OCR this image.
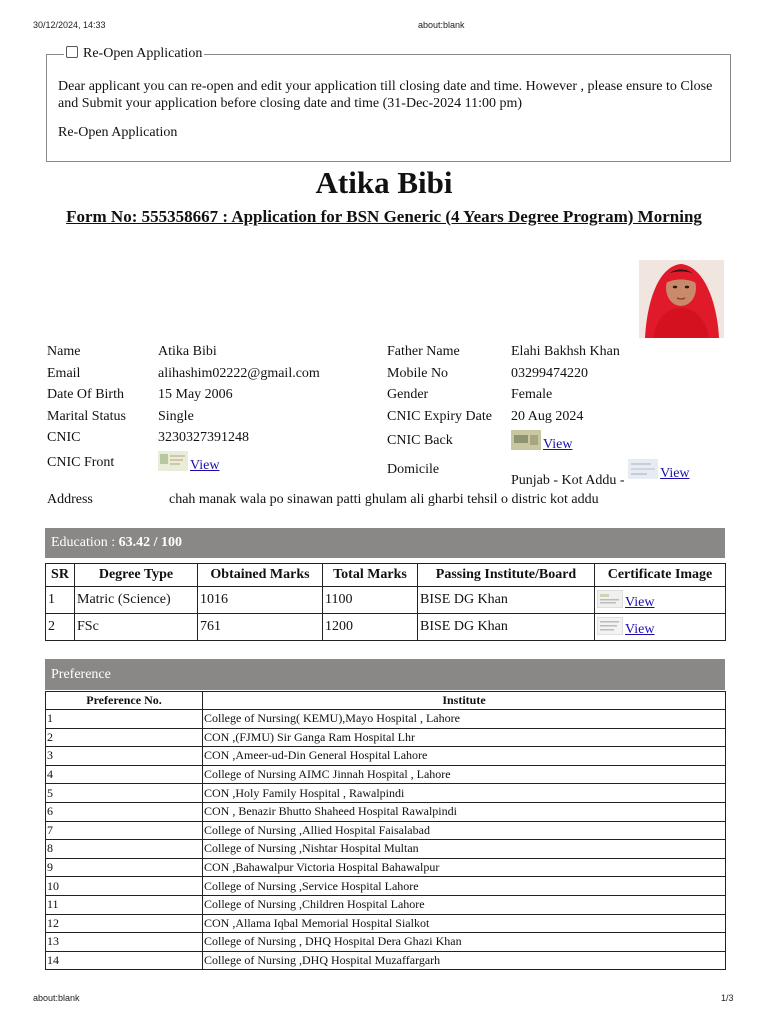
30/12/2024, 14:33	about:blank
about:blank	1/3
Re-Open Application
Dear applicant you can re-open and edit your application till closing date and time. However , please ensure to Close and Submit your application before closing date and time (31-Dec-2024 11:00 pm)
Re-Open Application
Atika Bibi
Form No: 555358667 : Application for BSN Generic (4 Years Degree Program) Morning
Name	Atika Bibi
Email	alihashim02222@gmail.com
Date Of Birth 15 May 2006
Marital Status Single
CNIC	3230327391248
CNIC Front	View
Father Name	Elahi Bakhsh Khan
Mobile No	03299474220
Gender	Female
CNIC Expiry Date 20 Aug 2024
CNIC Back	View
Domicile
Punjab - Kot Addu -	View
Address	chah manak wala po sinawan patti ghulam ali gharbi tehsil o distric kot addu
Education : 63.42 / 100
SR	Degree Type	Obtained Marks	Total Marks	Passing Institute/Board	Certificate Image
1	Matric (Science)	1016	1100	BISE DG Khan	View
2	FSc	761	1200	BISE DG Khan	View
Preference
Preference No.	Institute
1	College of Nursing( KEMU),Mayo Hospital , Lahore
2	CON ,(FJMU) Sir Ganga Ram Hospital Lhr
3	CON ,Ameer-ud-Din General Hospital Lahore
4	College of Nursing AIMC Jinnah Hospital , Lahore
5	CON ,Holy Family Hospital , Rawalpindi
6	CON , Benazir Bhutto Shaheed Hospital Rawalpindi
7	College of Nursing ,Allied Hospital Faisalabad
8	College of Nursing ,Nishtar Hospital Multan
9	CON ,Bahawalpur Victoria Hospital Bahawalpur
10	College of Nursing ,Service Hospital Lahore
11	College of Nursing ,Children Hospital Lahore
12	CON ,Allama Iqbal Memorial Hospital Sialkot
13	College of Nursing , DHQ Hospital Dera Ghazi Khan
14	College of Nursing ,DHQ Hospital Muzaffargarh
